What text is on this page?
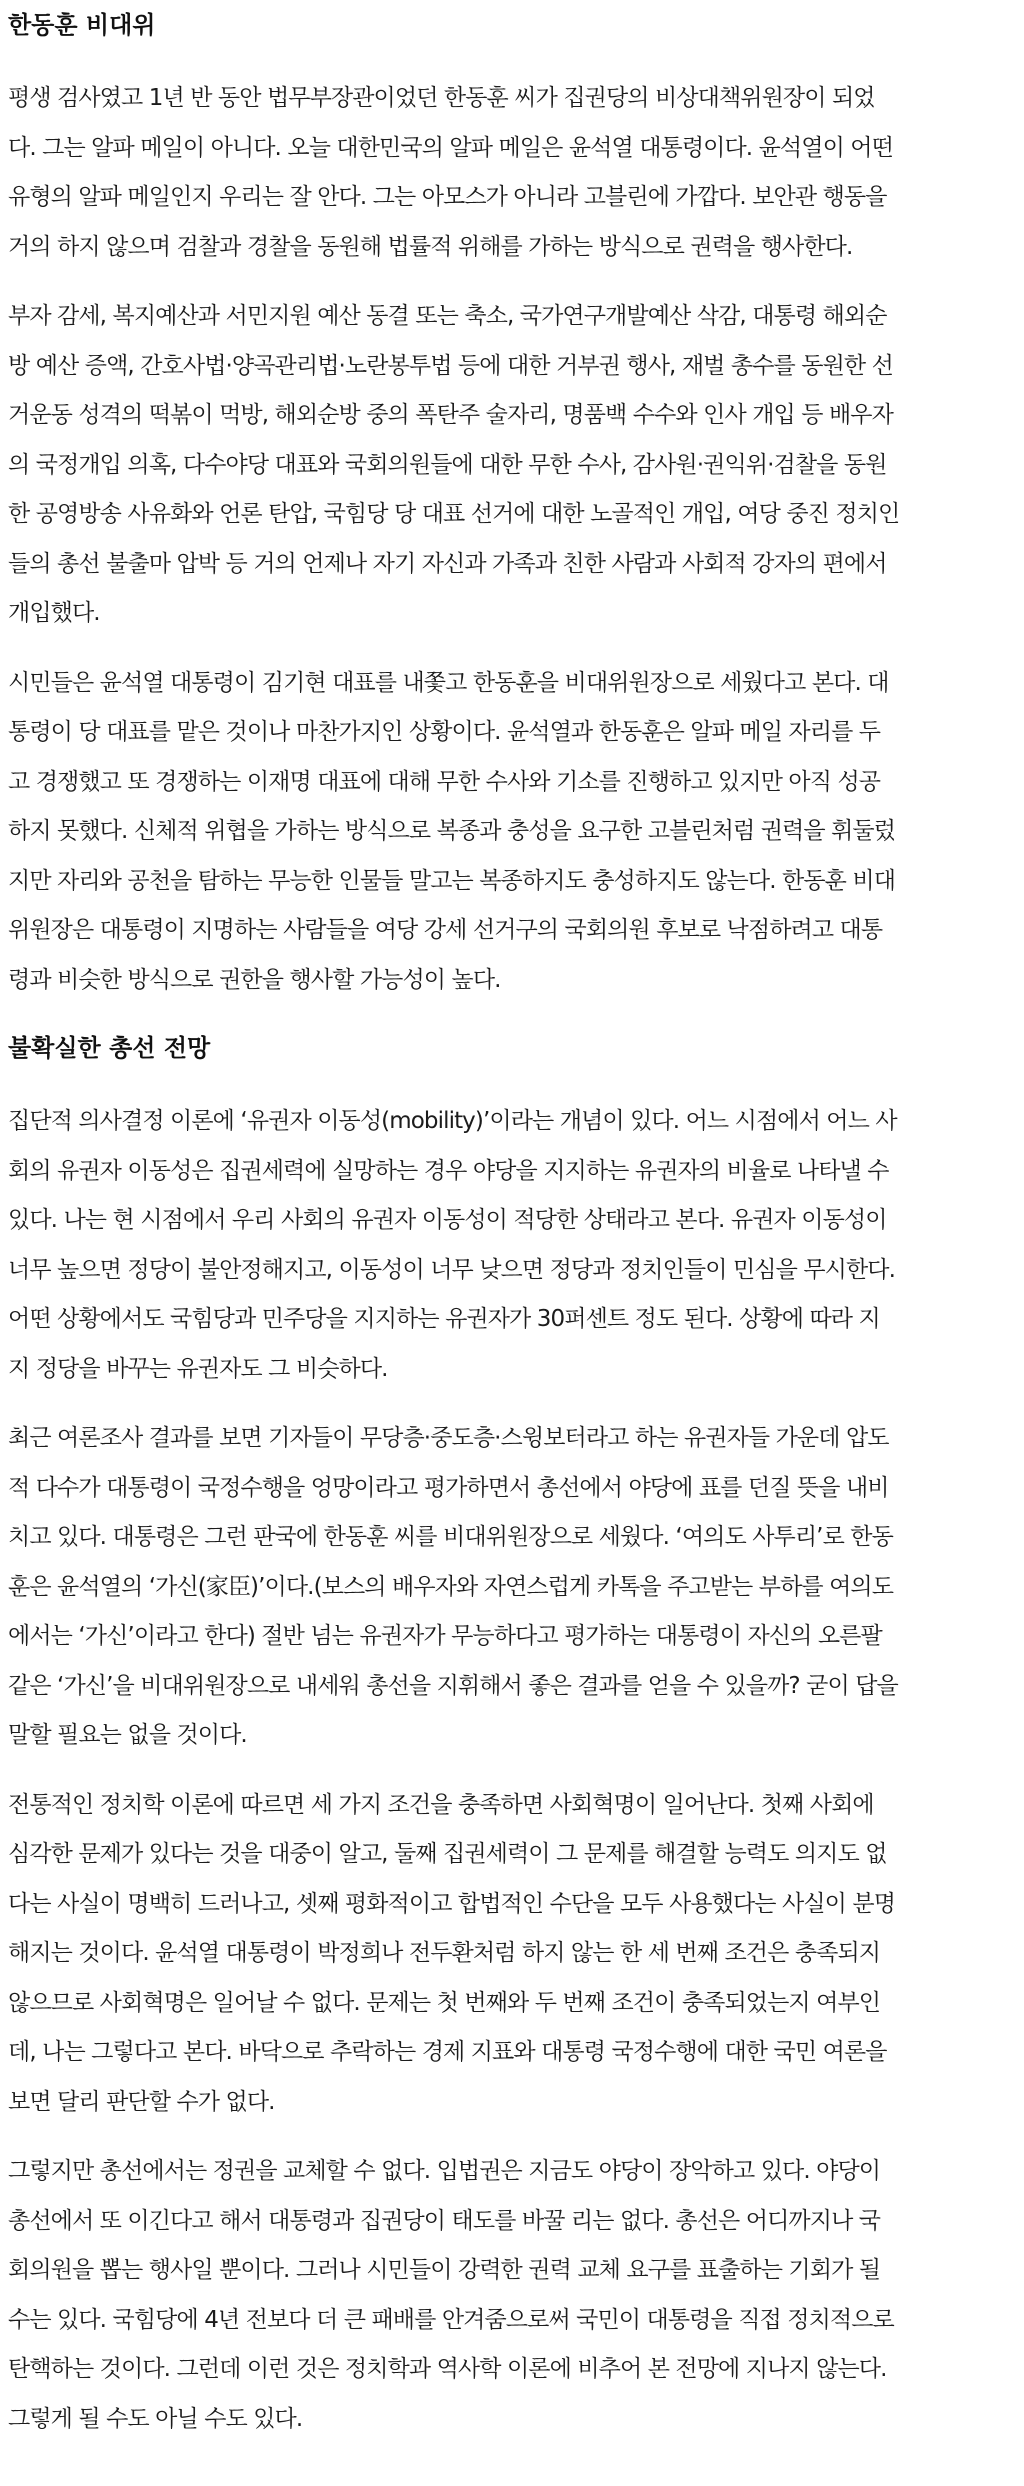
한동훈 비대위

평생 검사였고 1년 반 동안 법무부장관이었던 한동훈 씨가 집권당의 비상대책위원장이 되었
다. 그는 알파 메일이 아니다. 오늘 대한민국의 알파 메일은 윤석열 대통령이다. 윤석열이 어떤
유형의 알파 메일인지 우리는 잘 안다. 그는 아모스가 아니라 고블린에 가깝다. 보안관 행동을
거의 하지 않으며 검찰과 경찰을 동원해 법률적 위해를 가하는 방식으로 권력을 행사한다.

부자 감세, 복지예산과 서민지원 예산 동결 또는 축소, 국가연구개발예산 삭감, 대통령 해외순
방 예산 증액, 간호사법·양곡관리법·노란봉투법 등에 대한 거부권 행사, 재벌 총수를 동원한 선
거운동 성격의 떡볶이 먹방, 해외순방 중의 폭탄주 술자리, 명품백 수수와 인사 개입 등 배우자
의 국정개입 의혹, 다수야당 대표와 국회의원들에 대한 무한 수사, 감사원·권익위·검찰을 동원
한 공영방송 사유화와 언론 탄압, 국힘당 당 대표 선거에 대한 노골적인 개입, 여당 중진 정치인
들의 총선 불출마 압박 등 거의 언제나 자기 자신과 가족과 친한 사람과 사회적 강자의 편에서
개입했다.

시민들은 윤석열 대통령이 김기현 대표를 내쫓고 한동훈을 비대위원장으로 세웠다고 본다. 대
통령이 당 대표를 맡은 것이나 마찬가지인 상황이다. 윤석열과 한동훈은 알파 메일 자리를 두
고 경쟁했고 또 경쟁하는 이재명 대표에 대해 무한 수사와 기소를 진행하고 있지만 아직 성공
하지 못했다. 신체적 위협을 가하는 방식으로 복종과 충성을 요구한 고블린처럼 권력을 휘둘렀
지만 자리와 공천을 탐하는 무능한 인물들 말고는 복종하지도 충성하지도 않는다. 한동훈 비대
위원장은 대통령이 지명하는 사람들을 여당 강세 선거구의 국회의원 후보로 낙점하려고 대통
령과 비슷한 방식으로 권한을 행사할 가능성이 높다.

불확실한 총선 전망

집단적 의사결정 이론에 ‘유권자 이동성(mobility)’이라는 개념이 있다. 어느 시점에서 어느 사
회의 유권자 이동성은 집권세력에 실망하는 경우 야당을 지지하는 유권자의 비율로 나타낼 수
있다. 나는 현 시점에서 우리 사회의 유권자 이동성이 적당한 상태라고 본다. 유권자 이동성이
너무 높으면 정당이 불안정해지고, 이동성이 너무 낮으면 정당과 정치인들이 민심을 무시한다.
어떤 상황에서도 국힘당과 민주당을 지지하는 유권자가 30퍼센트 정도 된다. 상황에 따라 지
지 정당을 바꾸는 유권자도 그 비슷하다.

최근 여론조사 결과를 보면 기자들이 무당층·중도층·스윙보터라고 하는 유권자들 가운데 압도
적 다수가 대통령이 국정수행을 엉망이라고 평가하면서 총선에서 야당에 표를 던질 뜻을 내비
치고 있다. 대통령은 그런 판국에 한동훈 씨를 비대위원장으로 세웠다. ‘여의도 사투리’로 한동
훈은 윤석열의 ‘가신(家臣)’이다.(보스의 배우자와 자연스럽게 카톡을 주고받는 부하를 여의도
에서는 ‘가신’이라고 한다) 절반 넘는 유권자가 무능하다고 평가하는 대통령이 자신의 오른팔
같은 ‘가신’을 비대위원장으로 내세워 총선을 지휘해서 좋은 결과를 얻을 수 있을까? 굳이 답을
말할 필요는 없을 것이다.

전통적인 정치학 이론에 따르면 세 가지 조건을 충족하면 사회혁명이 일어난다. 첫째 사회에
심각한 문제가 있다는 것을 대중이 알고, 둘째 집권세력이 그 문제를 해결할 능력도 의지도 없
다는 사실이 명백히 드러나고, 셋째 평화적이고 합법적인 수단을 모두 사용했다는 사실이 분명
해지는 것이다. 윤석열 대통령이 박정희나 전두환처럼 하지 않는 한 세 번째 조건은 충족되지
않으므로 사회혁명은 일어날 수 없다. 문제는 첫 번째와 두 번째 조건이 충족되었는지 여부인
데, 나는 그렇다고 본다. 바닥으로 추락하는 경제 지표와 대통령 국정수행에 대한 국민 여론을
보면 달리 판단할 수가 없다.

그렇지만 총선에서는 정권을 교체할 수 없다. 입법권은 지금도 야당이 장악하고 있다. 야당이
총선에서 또 이긴다고 해서 대통령과 집권당이 태도를 바꿀 리는 없다. 총선은 어디까지나 국
회의원을 뽑는 행사일 뿐이다. 그러나 시민들이 강력한 권력 교체 요구를 표출하는 기회가 될
수는 있다. 국힘당에 4년 전보다 더 큰 패배를 안겨줌으로써 국민이 대통령을 직접 정치적으로
탄핵하는 것이다. 그런데 이런 것은 정치학과 역사학 이론에 비추어 본 전망에 지나지 않는다.
그렇게 될 수도 아닐 수도 있다.
